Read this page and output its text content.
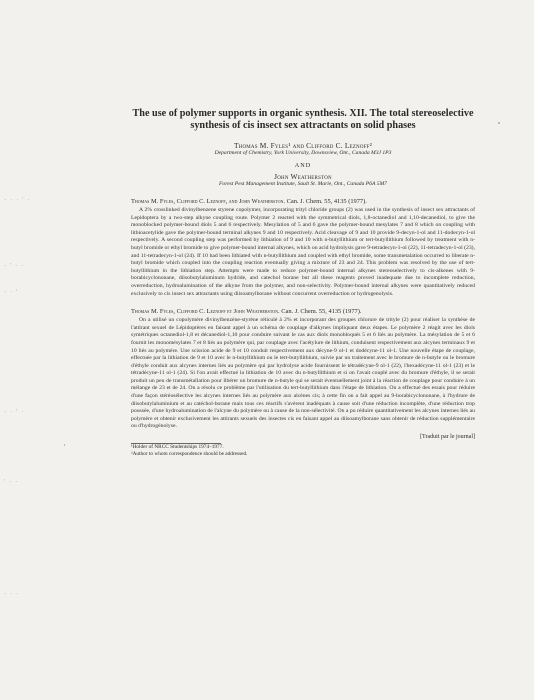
· · · ' ·
· ' · ·
· · '
· · ' ·
' · ·
· · ·
The use of polymer supports in organic synthesis. XII. The total stereoselective synthesis of cis insect sex attractants on solid phases
Thomas M. Fyles¹ and Clifford C. Leznoff²
Department of Chemistry, York University, Downsview, Ont., Canada M3J 1P3
AND
John Weatherston
Forest Pest Management Institute, Sault St. Marie, Ont., Canada P6A 5M7
Thomas M. Fyles, Clifford C. Leznoff, and John Weatherston. Can. J. Chem. 55, 4135 (1977).

A 2% crosslinked divinylbenzene styrene copolymer, incorporating trityl chloride groups (2) was used in the synthesis of insect sex attractants of Lepidoptera by a two-step alkyne coupling route. Polymer 2 reacted with the symmetrical diols, 1,8-octanediol and 1,10-decanediol, to give the monoblocked polymer-bound diols 5 and 6 respectively. Mesylation of 5 and 6 gave the polymer-bound mesylates 7 and 8 which on coupling with lithioacetylide gave the polymer-bound terminal alkynes 9 and 10 respectively. Acid cleavage of 9 and 10 provide 9-decyn-1-ol and 11-dodecyn-1-ol respectively. A second coupling step was performed by lithiation of 9 and 10 with n-butyllithium or tert-butyllithium followed by treatment with n-butyl bromide or ethyl bromide to give polymer-bound internal alkynes, which on acid hydrolysis gave 9-tetradecyn-1-ol (22), 11-tetradecyn-1-ol (23), and 11-tetradecyn-1-ol (24). If 10 had been lithiated with n-butyllithium and coupled with ethyl bromide, some transmetalation occurred to liberate n-butyl bromide which coupled into the coupling reaction eventually giving a mixture of 23 and 24. This problem was resolved by the use of tert-butyllithium in the lithiation step. Attempts were made to reduce polymer-bound internal alkynes stereoselectively to cis-alkenes with 9-borabicyclononane, diisobutylaluminum hydride, and catechol borane but all these reagents proved inadequate due to incomplete reduction, overreduction, hydroalumination of the alkyne from the polymer, and non-selectivity. Polymer-bound internal alkynes were quantitatively reduced exclusively to cis insect sex attractants using diisoamylborane without concurrent overreduction or hydrogenolysis.

Thomas M. Fyles, Clifford C. Leznoff et John Weatherston. Can. J. Chem. 55, 4135 (1977).

On a utilisé un copolymère divinylbenzène-styrène réticulé à 2% et incorporant des groupes chlorure de trityle (2) pour réaliser la synthèse de l'attirant sexuel de Lépidoptères en faisant appel à un schéma de couplage d'alkynes impliquant deux étapes. Le polymère 2 réagit avec les diols symétriques octanediol-1,8 et décanediol-1,10 pour conduire suivant le cas aux diols monobloqués 5 et 6 liés au polymère. La mésylation de 5 et 6 fournit les monomésylates 7 et 8 liés au polymère qui, par couplage avec l'acétylure de lithium, conduisent respectivement aux alcynes terminaux 9 et 10 liés au polymère. Une scission acide de 9 et 10 conduit respectivement aux décyne-9 ol-1 et dodécyne-11 ol-1. Une nouvelle étape de couplage, effectuée par la lithiation de 9 et 10 avec le n-butyllithium ou le tert-butyllithium, suivie par un traitement avec le bromure de n-butyle ou le bromure d'éthyle conduit aux alcynes internes liés au polymère qui par hydrolyse acide fournissent le tétradécyne-9 ol-1 (22), l'hexadécyne-11 ol-1 (23) et le tétradécyne-11 ol-1 (24). Si l'on avait effectué la lithiation de 10 avec du n-butyllithium et si on l'avait couplé avec du bromure d'éthyle, il se serait produit un peu de transmétallation pour libérer un bromure de n-butyle qui se serait éventuellement joint à la réaction de couplage pour conduire à un mélange de 23 et de 24. On a résolu ce problème par l'utilisation du tert-butyllithium dans l'étape de lithiation. On a effectué des essais pour réduire d'une façon stéréosélective les alcynes internes liés au polymère aux alcènes cis; à cette fin on a fait appel au 9-borabicyclononane, à l'hydrure de diisobutylaluminium et au catéchol-borane mais tous ces réactifs s'avèrent inadéquats à cause soit d'une réduction incomplète, d'une réduction trop poussée, d'une hydroalumination de l'alcyne du polymère ou à cause de la non-sélectivité. On a pu réduire quantitativement les alcynes internes liés au polymère et obtenir exclusivement les attirants sexuels des insectes cis en faisant appel au diisoamylborane sans obtenir de réduction supplémentaire ou d'hydrogénolyse.

[Traduit par le journal]
¹Holder of NRCC Studentships 1974–1977.
²Author to whom correspondence should be addressed.
